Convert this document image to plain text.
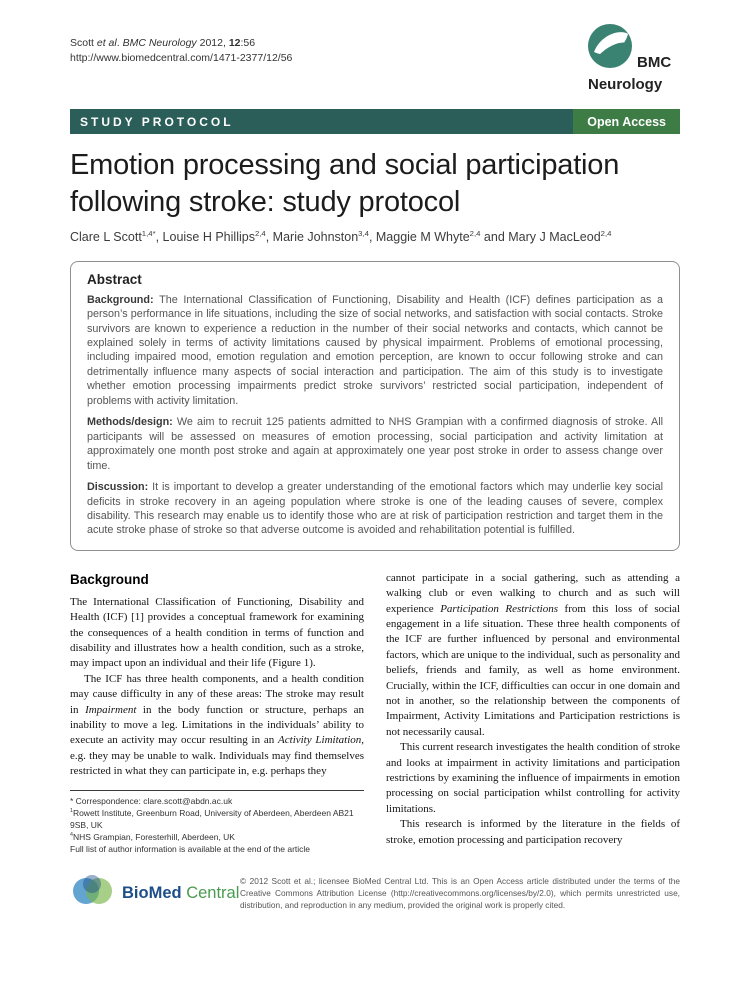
Scott et al. BMC Neurology 2012, 12:56
http://www.biomedcentral.com/1471-2377/12/56	BMC
Neurology
STUDY PROTOCOL	Open Access
Emotion processing and social participation following stroke: study protocol
Clare L Scott$^{1,4*}$, Louise H Phillips$^{2,4}$, Marie Johnston$^{3,4}$, Maggie M Whyte$^{2,4}$ and Mary J MacLeod$^{2,4}$
Abstract

Background: The International Classification of Functioning, Disability and Health (ICF) defines participation as a person’s performance in life situations, including the size of social networks, and satisfaction with social contacts. Stroke survivors are known to experience a reduction in the number of their social networks and contacts, which cannot be explained solely in terms of activity limitations caused by physical impairment. Problems of emotional processing, including impaired mood, emotion regulation and emotion perception, are known to occur following stroke and can detrimentally influence many aspects of social interaction and participation. The aim of this study is to investigate whether emotion processing impairments predict stroke survivors’ restricted social participation, independent of problems with activity limitation.

Methods/design: We aim to recruit 125 patients admitted to NHS Grampian with a confirmed diagnosis of stroke. All participants will be assessed on measures of emotion processing, social participation and activity limitation at approximately one month post stroke and again at approximately one year post stroke in order to assess change over time.

Discussion: It is important to develop a greater understanding of the emotional factors which may underlie key social deficits in stroke recovery in an ageing population where stroke is one of the leading causes of severe, complex disability. This research may enable us to identify those who are at risk of participation restriction and target them in the acute stroke phase of stroke so that adverse outcome is avoided and rehabilitation potential is fulfilled.

Background

The International Classification of Functioning, Disability and Health (ICF) [1] provides a conceptual framework for examining the consequences of a health condition in terms of function and disability and illustrates how a health condition, such as a stroke, may impact upon an individual and their life (Figure 1).

The ICF has three health components, and a health condition may cause difficulty in any of these areas: The stroke may result in Impairment in the body function or structure, perhaps an inability to move a leg. Limitations in the individuals’ ability to execute an activity may occur resulting in an Activity Limitation, e.g. they may be unable to walk. Individuals may find themselves restricted in what they can participate in, e.g. perhaps they

* Correspondence: clare.scott@abdn.ac.uk
$^1$Rowett Institute, Greenburn Road, University of Aberdeen, Aberdeen AB21 9SB, UK
$^4$NHS Grampian, Foresterhill, Aberdeen, UK
Full list of author information is available at the end of the article

cannot participate in a social gathering, such as attending a walking club or even walking to church and as such will experience Participation Restrictions from this loss of social engagement in a life situation. These three health components of the ICF are further influenced by personal and environmental factors, which are unique to the individual, such as personality and beliefs, friends and family, as well as home environment. Crucially, within the ICF, difficulties can occur in one domain and not in another, so the relationship between the components of Impairment, Activity Limitations and Participation restrictions is not necessarily causal.

This current research investigates the health condition of stroke and looks at impairment in activity limitations and participation restrictions by examining the influence of impairments in emotion processing on social participation whilst controlling for activity limitations.

This research is informed by the literature in the fields of stroke, emotion processing and participation recovery

BioMed Central
© 2012 Scott et al.; licensee BioMed Central Ltd. This is an Open Access article distributed under the terms of the Creative Commons Attribution License (http://creativecommons.org/licenses/by/2.0), which permits unrestricted use, distribution, and reproduction in any medium, provided the original work is properly cited.
